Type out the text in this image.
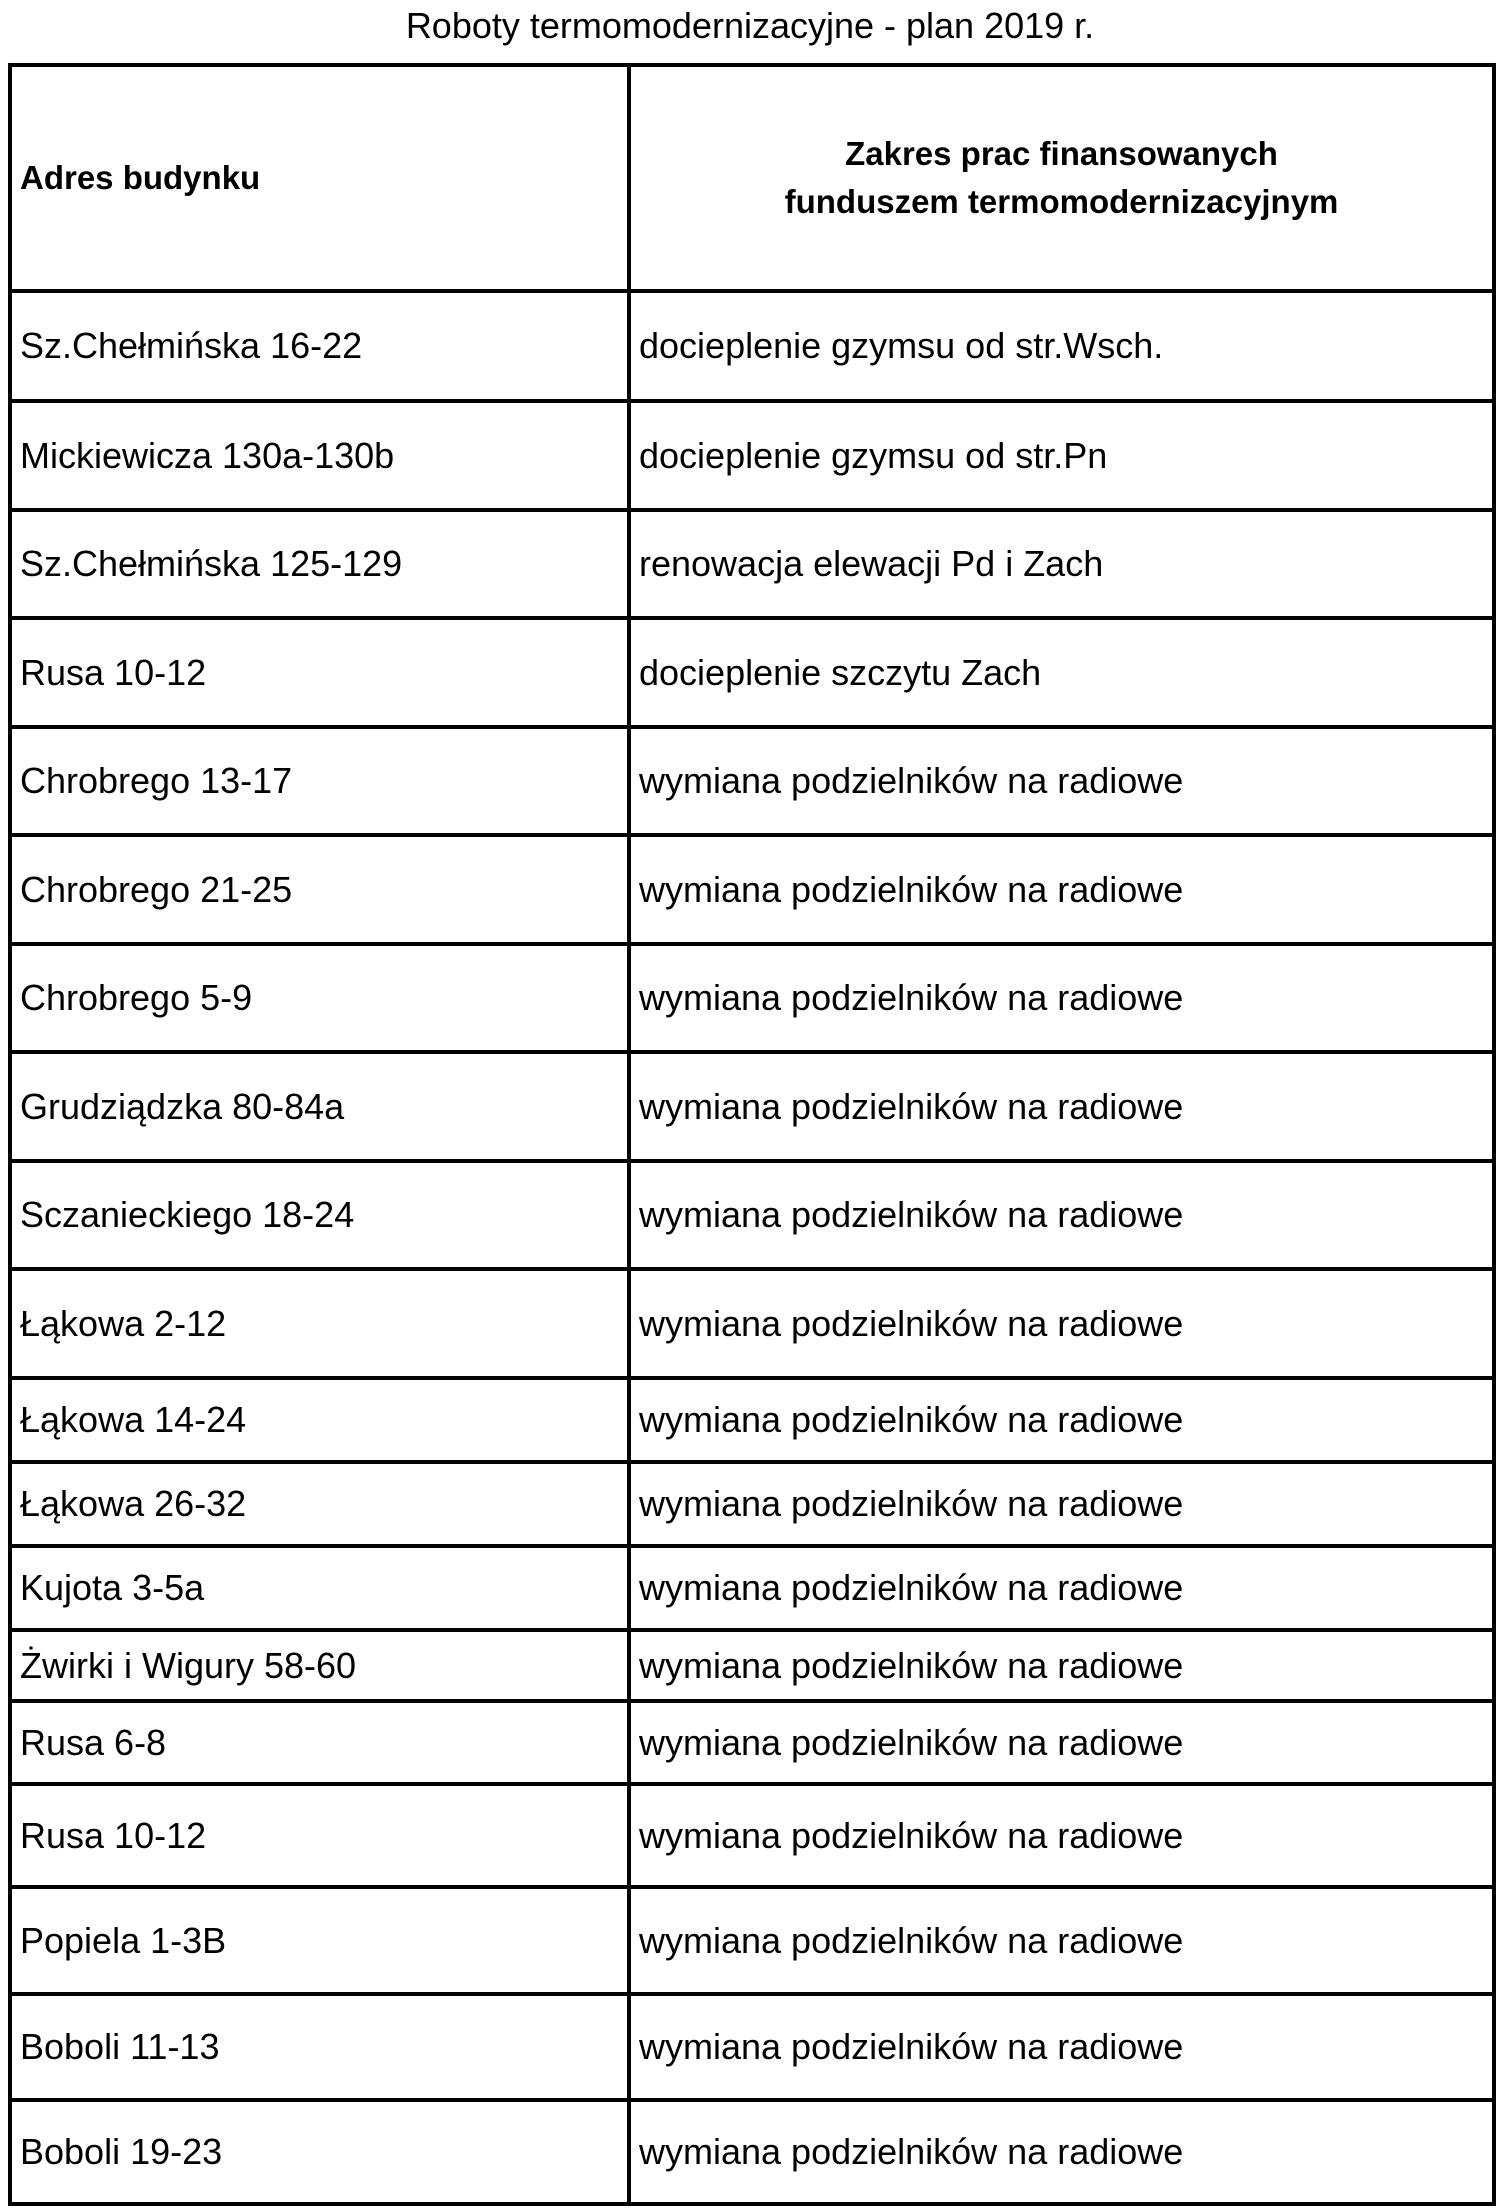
Roboty termomodernizacyjne - plan 2019 r.
Adres budynku	Zakres prac finansowanych
funduszem termomodernizacyjnym

Sz.Chełmińska 16-22	docieplenie gzymsu od str.Wsch.
Mickiewicza 130a-130b	docieplenie gzymsu od str.Pn
Sz.Chełmińska 125-129	renowacja elewacji Pd i Zach
Rusa 10-12	docieplenie szczytu Zach
Chrobrego 13-17	wymiana podzielników na radiowe
Chrobrego 21-25	wymiana podzielników na radiowe
Chrobrego 5-9	wymiana podzielników na radiowe
Grudziądzka 80-84a	wymiana podzielników na radiowe
Sczanieckiego 18-24	wymiana podzielników na radiowe
Łąkowa 2-12	wymiana podzielników na radiowe
Łąkowa 14-24	wymiana podzielników na radiowe
Łąkowa 26-32	wymiana podzielników na radiowe
Kujota 3-5a	wymiana podzielników na radiowe
Żwirki i Wigury 58-60	wymiana podzielników na radiowe
Rusa 6-8	wymiana podzielników na radiowe
Rusa 10-12	wymiana podzielników na radiowe
Popiela 1-3B	wymiana podzielników na radiowe
Boboli 11-13	wymiana podzielników na radiowe
Boboli 19-23	wymiana podzielników na radiowe
